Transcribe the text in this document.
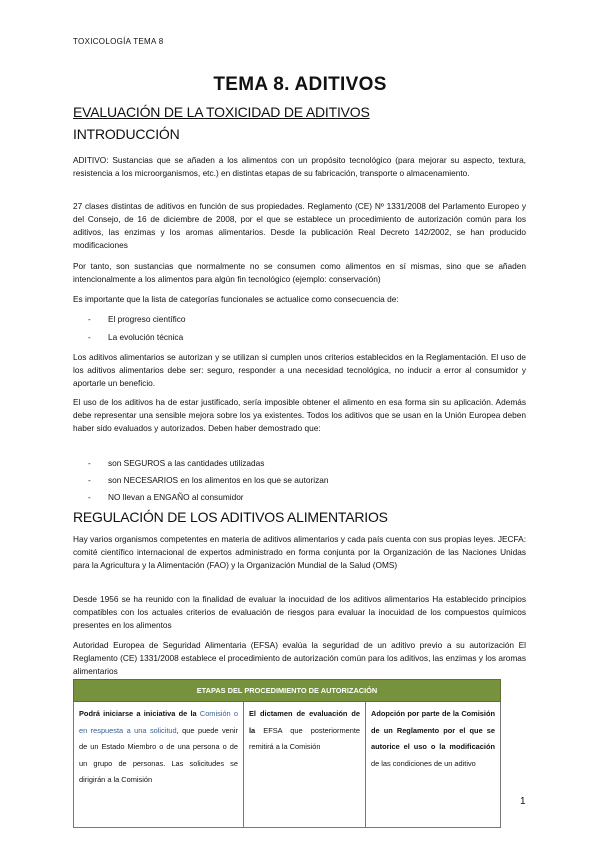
TOXICOLOGÍA TEMA 8
TEMA 8. ADITIVOS
EVALUACIÓN DE LA TOXICIDAD DE ADITIVOS
INTRODUCCIÓN
ADITIVO: Sustancias que se añaden a los alimentos con un propósito tecnológico (para mejorar su aspecto, textura, resistencia a los microorganismos, etc.) en distintas etapas de su fabricación, transporte o almacenamiento.
27 clases distintas de aditivos en función de sus propiedades. Reglamento (CE) Nº 1331/2008 del Parlamento Europeo y del Consejo, de 16 de diciembre de 2008, por el que se establece un procedimiento de autorización común para los aditivos, las enzimas y los aromas alimentarios. Desde la publicación Real Decreto 142/2002, se han producido modificaciones
Por tanto, son sustancias que normalmente no se consumen como alimentos en sí mismas, sino que se añaden intencionalmente a los alimentos para algún fin tecnológico (ejemplo: conservación)
Es importante que la lista de categorías funcionales se actualice como consecuencia de:
- El progreso científico
- La evolución técnica
Los aditivos alimentarios se autorizan y se utilizan si cumplen unos criterios establecidos en la Reglamentación. El uso de los aditivos alimentarios debe ser: seguro, responder a una necesidad tecnológica, no inducir a error al consumidor y aportarle un beneficio.
El uso de los aditivos ha de estar justificado, sería imposible obtener el alimento en esa forma sin su aplicación. Además debe representar una sensible mejora sobre los ya existentes. Todos los aditivos que se usan en la Unión Europea deben haber sido evaluados y autorizados. Deben haber demostrado que:
- son SEGUROS a las cantidades utilizadas
- son NECESARIOS en los alimentos en los que se autorizan
- NO llevan a ENGAÑO al consumidor
REGULACIÓN DE LOS ADITIVOS ALIMENTARIOS
Hay varios organismos competentes en materia de aditivos alimentarios y cada país cuenta con sus propias leyes. JECFA: comité científico internacional de expertos administrado en forma conjunta por la Organización de las Naciones Unidas para la Agricultura y la Alimentación (FAO) y la Organización Mundial de la Salud (OMS)
Desde 1956 se ha reunido con la finalidad de evaluar la inocuidad de los aditivos alimentarios Ha establecido principios compatibles con los actuales criterios de evaluación de riesgos para evaluar la inocuidad de los compuestos químicos presentes en los alimentos
Autoridad Europea de Seguridad Alimentaria (EFSA) evalúa la seguridad de un aditivo previo a su autorización El Reglamento (CE) 1331/2008 establece el procedimiento de autorización común para los aditivos, las enzimas y los aromas alimentarios
ETAPAS DEL PROCEDIMIENTO DE AUTORIZACIÓN
Podrá iniciarse a iniciativa de la Comisión o en respuesta a una solicitud, que puede venir de un Estado Miembro o de una persona o de un grupo de personas. Las solicitudes se dirigirán a la Comisión	El dictamen de evaluación de la EFSA que posteriormente remitirá a la Comisión	Adopción por parte de la Comisión de un Reglamento por el que se autorice el uso o la modificación de las condiciones de un aditivo
1
